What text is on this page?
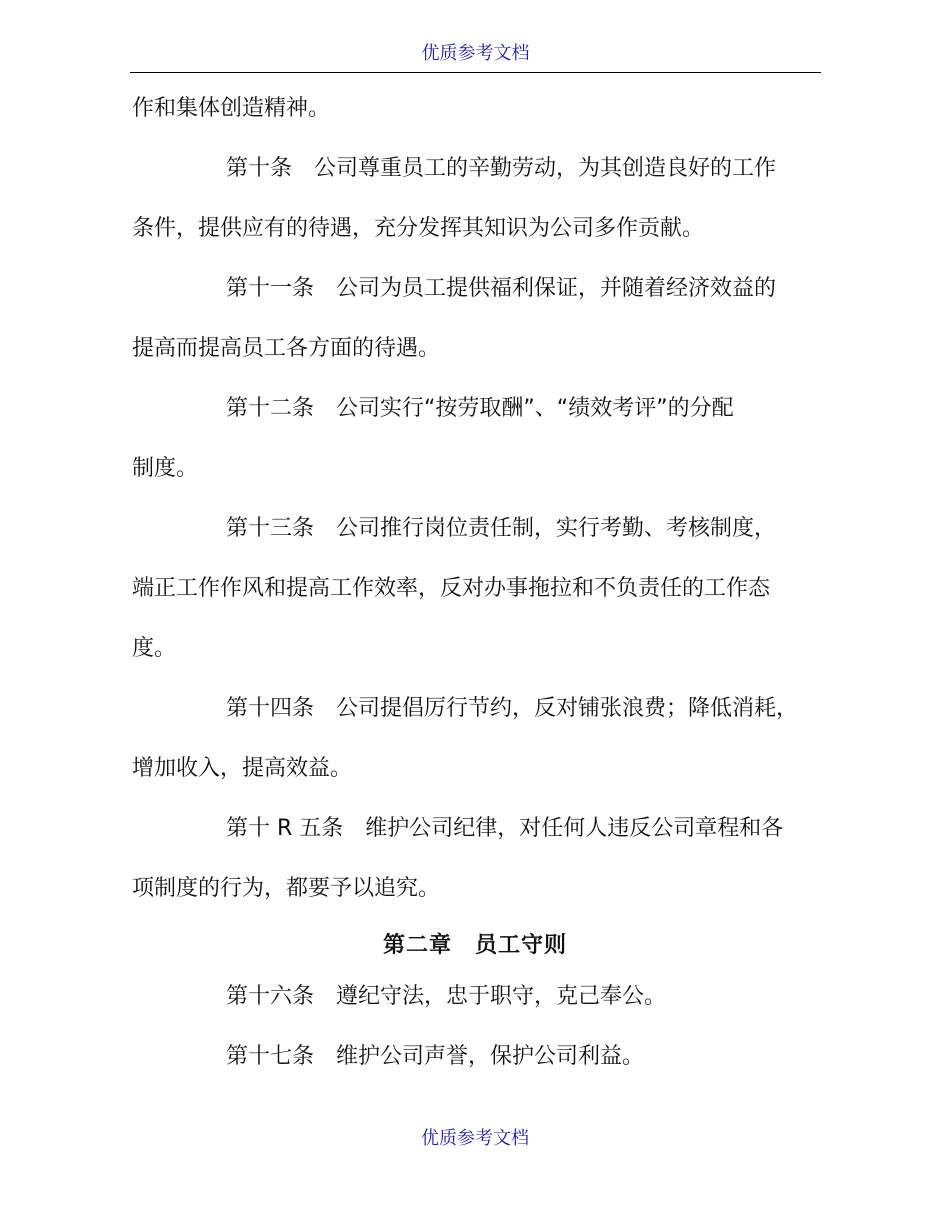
优质参考文档
作和集体创造精神。
第十条　公司尊重员工的辛勤劳动，为其创造良好的工作
条件，提供应有的待遇，充分发挥其知识为公司多作贡献。
第十一条　公司为员工提供福利保证，并随着经济效益的
提高而提高员工各方面的待遇。
第十二条　公司实行“按劳取酬”、“绩效考评”的分配
制度。
第十三条　公司推行岗位责任制，实行考勤、考核制度，
端正工作作风和提高工作效率，反对办事拖拉和不负责任的工作态
度。
第十四条　公司提倡厉行节约，反对铺张浪费；降低消耗，
增加收入，提高效益。
第十 R 五条　维护公司纪律，对任何人违反公司章程和各
项制度的行为，都要予以追究。
第二章　员工守则
第十六条　遵纪守法，忠于职守，克己奉公。
第十七条　维护公司声誉，保护公司利益。
优质参考文档
